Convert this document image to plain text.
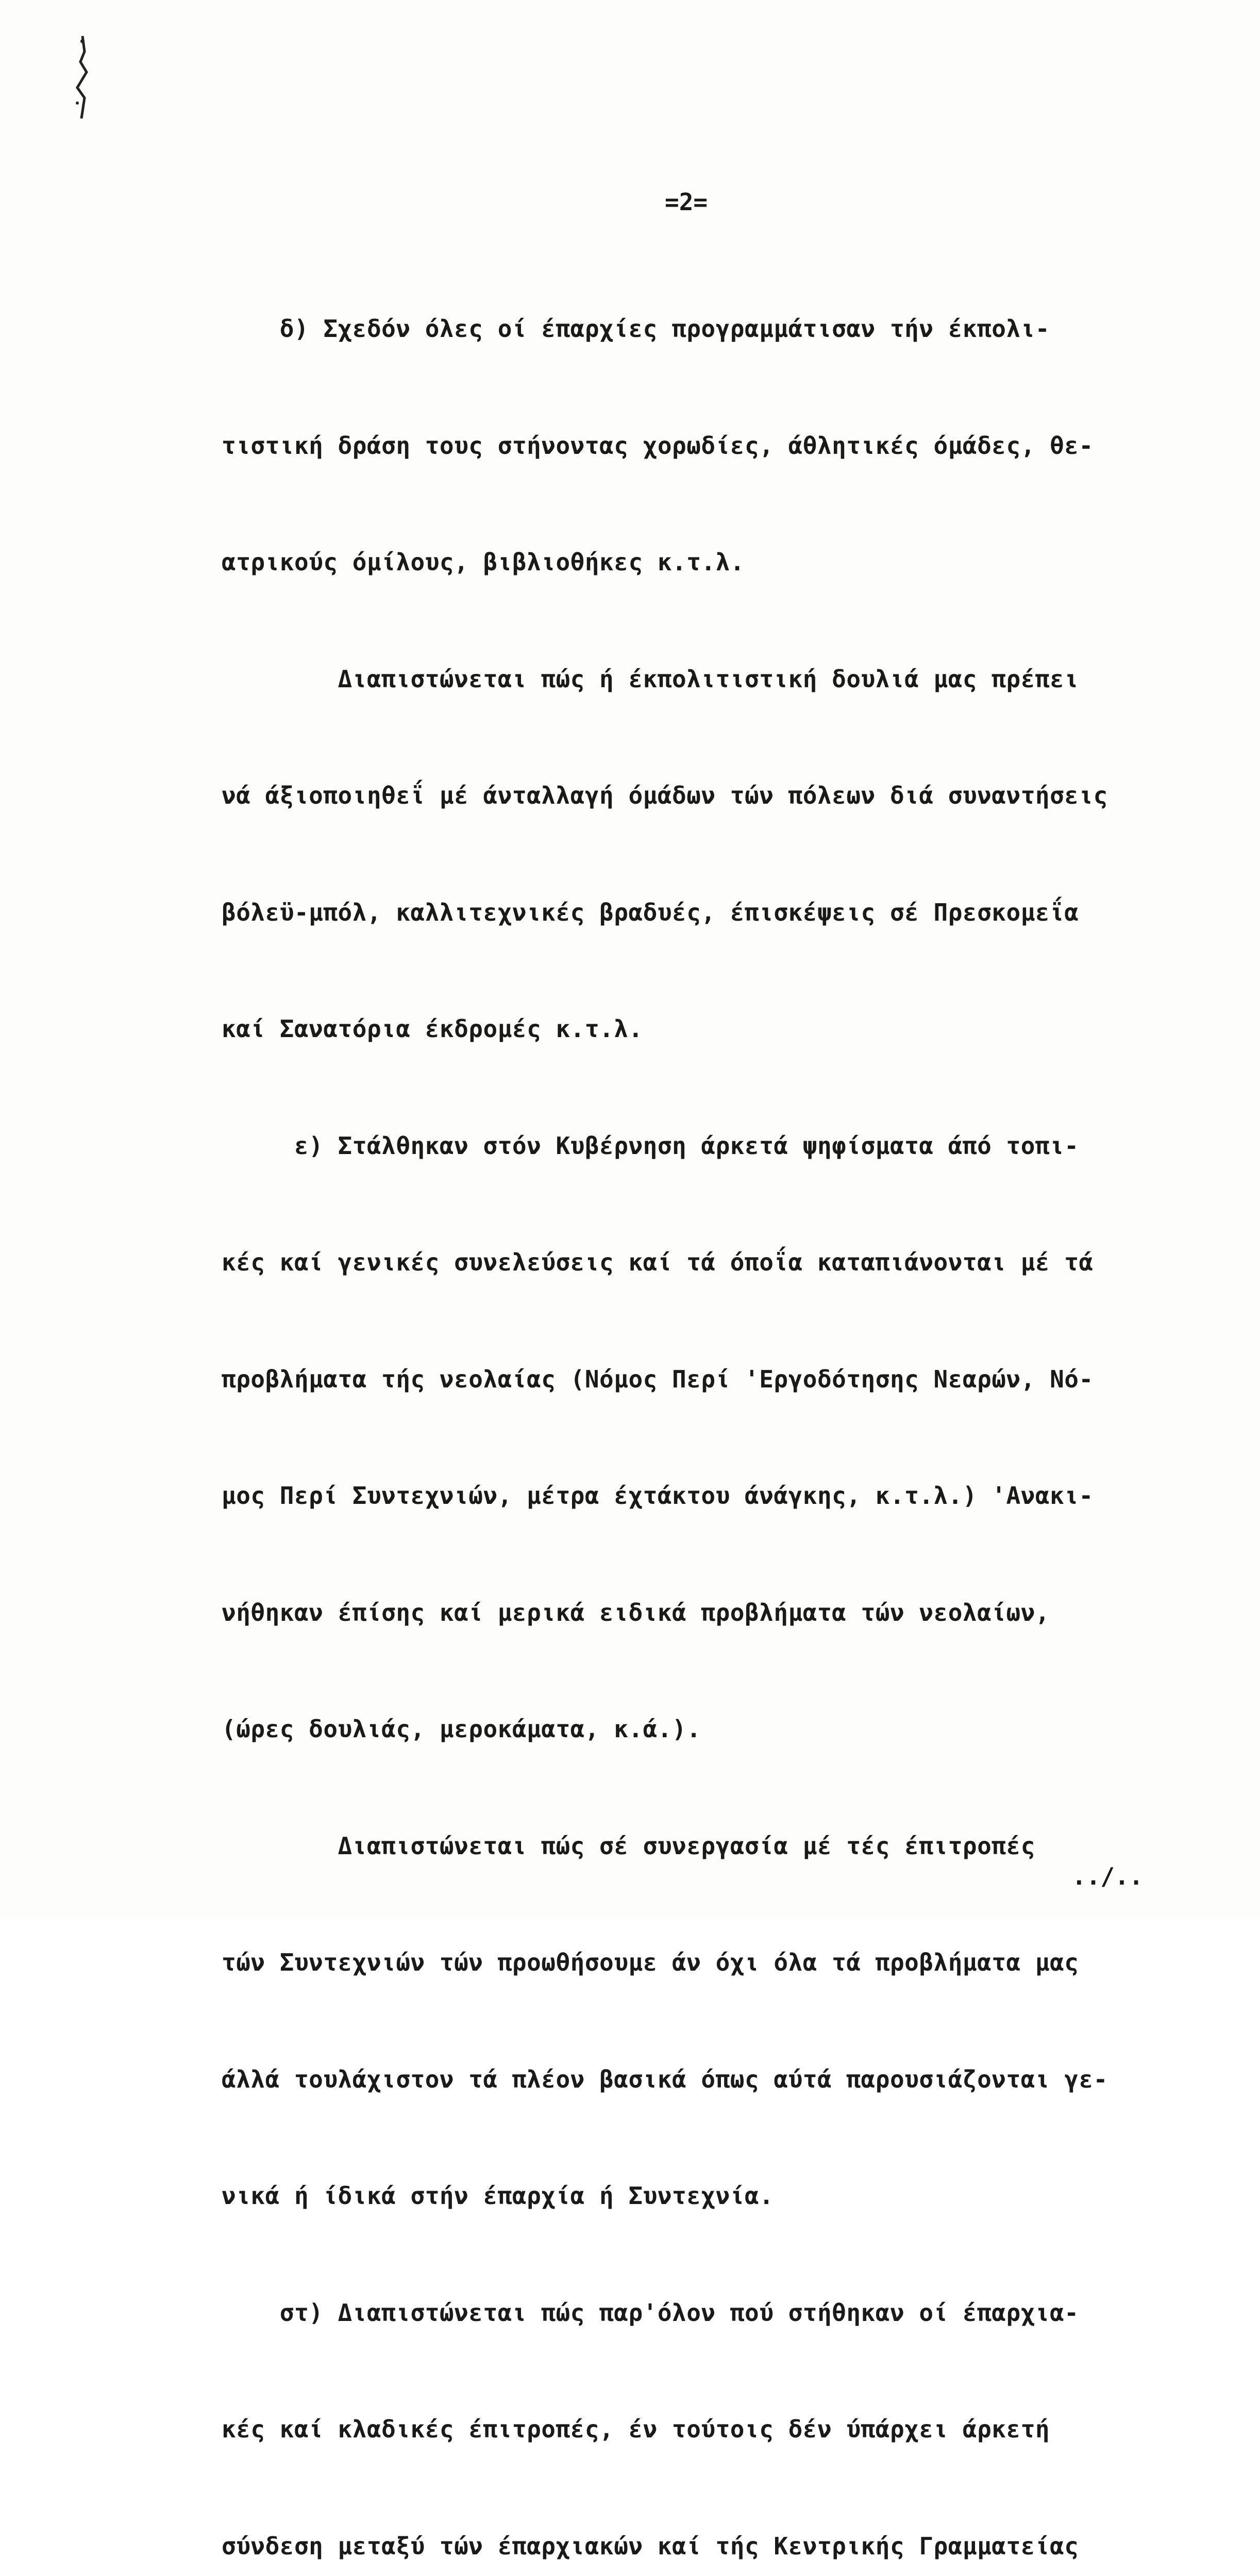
=2=

δ) Σχεδόν όλες οί έπαρχίες προγραμμάτισαν τήν έκπολι-

τιστική δράση τους στήνοντας χορωδίες, άθλητικές όμάδες, θε-

ατρικούς όμίλους, βιβλιοθήκες κ.τ.λ.

Διαπιστώνεται πώς ή έκπολιτιστική δουλιά μας πρέπει

νά άξιοποιηθεΐ μέ άνταλλαγή όμάδων τών πόλεων διά συναντήσεις

βόλεϋ-μπόλ, καλλιτεχνικές βραδυές, έπισκέψεις σέ Πρεσκομεΐα

καί Σανατόρια έκδρομές κ.τ.λ.

ε) Στάλθηκαν στόν Κυβέρνηση άρκετά ψηφίσματα άπό τοπι-

κές καί γενικές συνελεύσεις καί τά όποΐα καταπιάνονται μέ τά

προβλήματα τής νεολαίας (Νόμος Περί 'Εργοδότησης Νεαρών, Νό-

μος Περί Συντεχνιών, μέτρα έχτάκτου άνάγκης, κ.τ.λ.) 'Ανακι-

νήθηκαν έπίσης καί μερικά ειδικά προβλήματα τών νεολαίων,

(ώρες δουλιάς, μεροκάματα, κ.ά.).

Διαπιστώνεται πώς σέ συνεργασία μέ τές έπιτροπές

τών Συντεχνιών τών προωθήσουμε άν όχι όλα τά προβλήματα μας

άλλά τουλάχιστον τά πλέον βασικά όπως αύτά παρουσιάζονται γε-

νικά ή ίδικά στήν έπαρχία ή Συντεχνία.

στ) Διαπιστώνεται πώς παρ'όλον πού στήθηκαν οί έπαρχια-

κές καί κλαδικές έπιτροπές, έν τούτοις δέν ύπάρχει άρκετή

σύνδεση μεταξύ τών έπαρχιακών καί τής Κεντρικής Γραμματείας

../..
